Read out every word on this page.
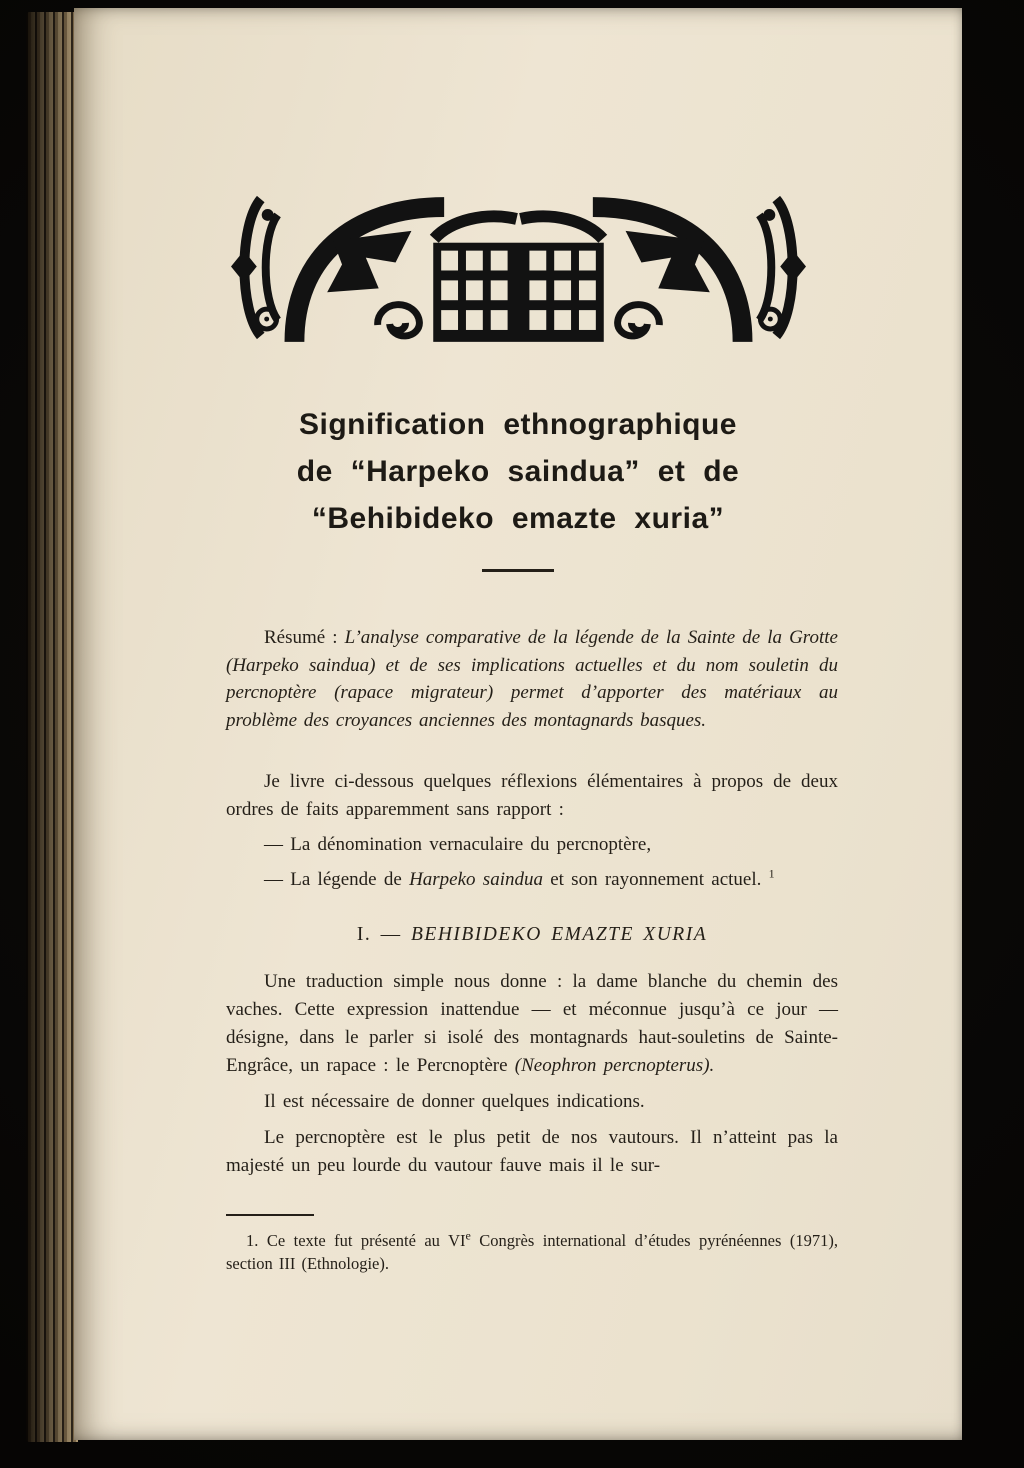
Signification ethnographique
de “Harpeko saindua” et de
“Behibideko emazte xuria”
Résumé : L’analyse comparative de la légende de la Sainte de la Grotte (Harpeko saindua) et de ses implications actuelles et du nom souletin du percnoptère (rapace migrateur) permet d’apporter des matériaux au problème des croyances anciennes des montagnards basques.

Je livre ci-dessous quelques réflexions élémentaires à propos de deux ordres de faits apparemment sans rapport :

— La dénomination vernaculaire du percnoptère,

— La légende de Harpeko saindua et son rayonnement actuel. $^1$

I. — BEHIBIDEKO EMAZTE XURIA

Une traduction simple nous donne : la dame blanche du chemin des vaches. Cette expression inattendue — et méconnue jusqu’à ce jour — désigne, dans le parler si isolé des montagnards haut-souletins de Sainte-Engrâce, un rapace : le Percnoptère (Neophron percnopterus).

Il est nécessaire de donner quelques indications.

Le percnoptère est le plus petit de nos vautours. Il n’atteint pas la majesté un peu lourde du vautour fauve mais il le sur-

1. Ce texte fut présenté au VIe Congrès international d’études pyrénéennes (1971), section III (Ethnologie).
